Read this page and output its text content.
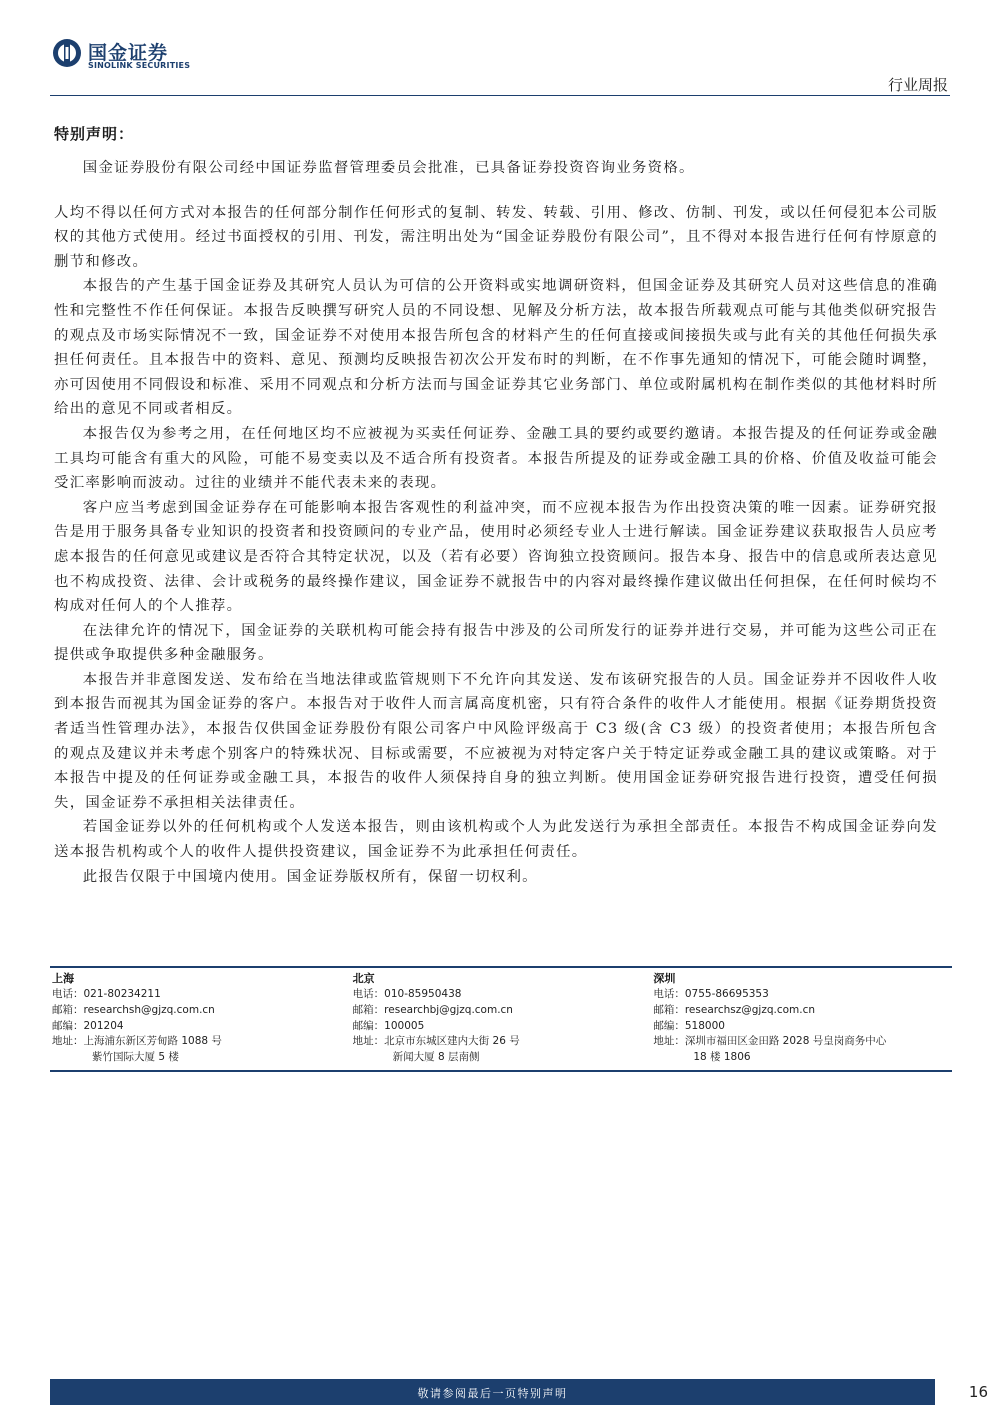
国金证券
SINOLINK SECURITIES
行业周报
特别声明：

国金证券股份有限公司经中国证券监督管理委员会批准，已具备证券投资咨询业务资格。

人均不得以任何方式对本报告的任何部分制作任何形式的复制、转发、转载、引用、修改、仿制、刊发，或以任何侵犯本公司版权的其他方式使用。经过书面授权的引用、刊发，需注明出处为“国金证券股份有限公司”，且不得对本报告进行任何有悖原意的删节和修改。

本报告的产生基于国金证券及其研究人员认为可信的公开资料或实地调研资料，但国金证券及其研究人员对这些信息的准确性和完整性不作任何保证。本报告反映撰写研究人员的不同设想、见解及分析方法，故本报告所载观点可能与其他类似研究报告的观点及市场实际情况不一致，国金证券不对使用本报告所包含的材料产生的任何直接或间接损失或与此有关的其他任何损失承担任何责任。且本报告中的资料、意见、预测均反映报告初次公开发布时的判断，在不作事先通知的情况下，可能会随时调整，亦可因使用不同假设和标准、采用不同观点和分析方法而与国金证券其它业务部门、单位或附属机构在制作类似的其他材料时所给出的意见不同或者相反。

本报告仅为参考之用，在任何地区均不应被视为买卖任何证券、金融工具的要约或要约邀请。本报告提及的任何证券或金融工具均可能含有重大的风险，可能不易变卖以及不适合所有投资者。本报告所提及的证券或金融工具的价格、价值及收益可能会受汇率影响而波动。过往的业绩并不能代表未来的表现。

客户应当考虑到国金证券存在可能影响本报告客观性的利益冲突，而不应视本报告为作出投资决策的唯一因素。证券研究报告是用于服务具备专业知识的投资者和投资顾问的专业产品，使用时必须经专业人士进行解读。国金证券建议获取报告人员应考虑本报告的任何意见或建议是否符合其特定状况，以及（若有必要）咨询独立投资顾问。报告本身、报告中的信息或所表达意见也不构成投资、法律、会计或税务的最终操作建议，国金证券不就报告中的内容对最终操作建议做出任何担保，在任何时候均不构成对任何人的个人推荐。

在法律允许的情况下，国金证券的关联机构可能会持有报告中涉及的公司所发行的证券并进行交易，并可能为这些公司正在提供或争取提供多种金融服务。

本报告并非意图发送、发布给在当地法律或监管规则下不允许向其发送、发布该研究报告的人员。国金证券并不因收件人收到本报告而视其为国金证券的客户。本报告对于收件人而言属高度机密，只有符合条件的收件人才能使用。根据《证券期货投资者适当性管理办法》，本报告仅供国金证券股份有限公司客户中风险评级高于 C3 级(含 C3 级）的投资者使用；本报告所包含的观点及建议并未考虑个别客户的特殊状况、目标或需要，不应被视为对特定客户关于特定证券或金融工具的建议或策略。对于本报告中提及的任何证券或金融工具，本报告的收件人须保持自身的独立判断。使用国金证券研究报告进行投资，遭受任何损失，国金证券不承担相关法律责任。

若国金证券以外的任何机构或个人发送本报告，则由该机构或个人为此发送行为承担全部责任。本报告不构成国金证券向发送本报告机构或个人的收件人提供投资建议，国金证券不为此承担任何责任。

此报告仅限于中国境内使用。国金证券版权所有，保留一切权利。

上海
电话：021-80234211
邮箱：researchsh@gjzq.com.cn
邮编：201204
地址：上海浦东新区芳甸路 1088 号
紫竹国际大厦 5 楼
北京
电话：010-85950438
邮箱：researchbj@gjzq.com.cn
邮编：100005
地址：北京市东城区建内大街 26 号
新闻大厦 8 层南侧
深圳
电话：0755-86695353
邮箱：researchsz@gjzq.com.cn
邮编：518000
地址：深圳市福田区金田路 2028 号皇岗商务中心
18 楼 1806
敬请参阅最后一页特别声明	16
